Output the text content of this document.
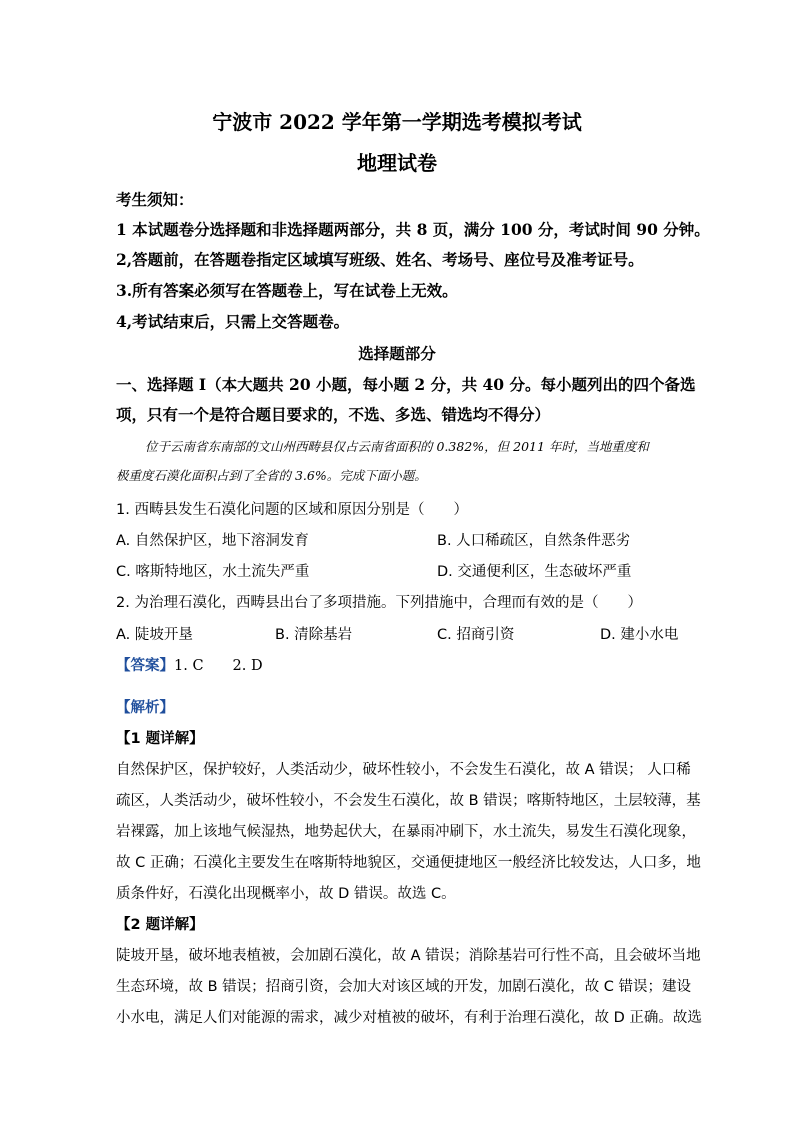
宁波市 2022 学年第一学期选考模拟考试
地理试卷
考生须知：
1 本试题卷分选择题和非选择题两部分，共 8 页，满分 100 分，考试时间 90 分钟。
2,答题前，在答题卷指定区域填写班级、姓名、考场号、座位号及准考证号。
3.所有答案必须写在答题卷上，写在试卷上无效。
4,考试结束后，只需上交答题卷。
选择题部分
一、选择题 I（本大题共 20 小题，每小题 2 分，共 40 分。每小题列出的四个备选
项，只有一个是符合题目要求的，不选、多选、错选均不得分）
位于云南省东南部的文山州西畴县仅占云南省面积的 0.382%，但 2011 年时，当地重度和
极重度石漠化面积占到了全省的 3.6%。完成下面小题。
1. 西畴县发生石漠化问题的区域和原因分别是（　　）
A. 自然保护区，地下溶洞发育	B. 人口稀疏区，自然条件恶劣
C. 喀斯特地区，水土流失严重	D. 交通便利区，生态破坏严重
2. 为治理石漠化，西畴县出台了多项措施。下列措施中，合理而有效的是（　　）
A. 陡坡开垦	B. 清除基岩	C. 招商引资	D. 建小水电
【答案】1. C　　2. D
【解析】
【1 题详解】
自然保护区，保护较好，人类活动少，破坏性较小，不会发生石漠化，故 A 错误； 人口稀
疏区，人类活动少，破坏性较小，不会发生石漠化，故 B 错误；喀斯特地区，土层较薄，基
岩裸露，加上该地气候湿热，地势起伏大，在暴雨冲刷下，水土流失，易发生石漠化现象，
故 C 正确；石漠化主要发生在喀斯特地貌区，交通便捷地区一般经济比较发达，人口多，地
质条件好，石漠化出现概率小，故 D 错误。故选 C。
【2 题详解】
陡坡开垦，破坏地表植被，会加剧石漠化，故 A 错误；消除基岩可行性不高，且会破坏当地
生态环境，故 B 错误；招商引资，会加大对该区域的开发，加剧石漠化，故 C 错误；建设
小水电，满足人们对能源的需求，减少对植被的破坏，有利于治理石漠化，故 D 正确。故选
